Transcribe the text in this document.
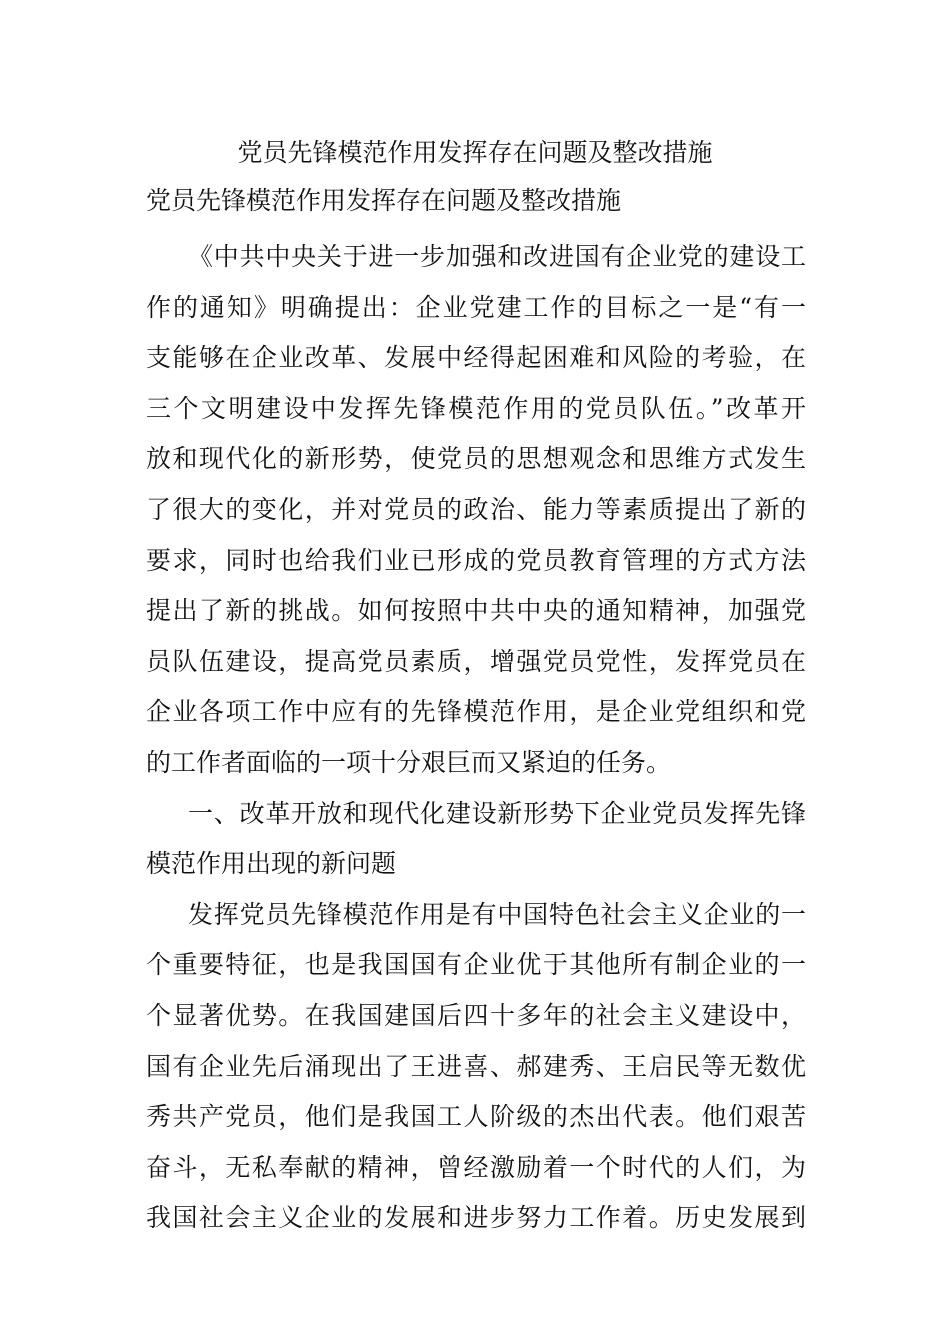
党员先锋模范作用发挥存在问题及整改措施
党员先锋模范作用发挥存在问题及整改措施

《中共中央关于进一步加强和改进国有企业党的建设工
作的通知》明确提出：企业党建工作的目标之一是“有一
支能够在企业改革、发展中经得起困难和风险的考验，在
三个文明建设中发挥先锋模范作用的党员队伍。”改革开
放和现代化的新形势，使党员的思想观念和思维方式发生
了很大的变化，并对党员的政治、能力等素质提出了新的
要求，同时也给我们业已形成的党员教育管理的方式方法
提出了新的挑战。如何按照中共中央的通知精神，加强党
员队伍建设，提高党员素质，增强党员党性，发挥党员在
企业各项工作中应有的先锋模范作用，是企业党组织和党
的工作者面临的一项十分艰巨而又紧迫的任务。

一、改革开放和现代化建设新形势下企业党员发挥先锋
模范作用出现的新问题

发挥党员先锋模范作用是有中国特色社会主义企业的一
个重要特征，也是我国国有企业优于其他所有制企业的一
个显著优势。在我国建国后四十多年的社会主义建设中，
国有企业先后涌现出了王进喜、郝建秀、王启民等无数优
秀共产党员，他们是我国工人阶级的杰出代表。他们艰苦
奋斗，无私奉献的精神，曾经激励着一个时代的人们，为
我国社会主义企业的发展和进步努力工作着。历史发展到
